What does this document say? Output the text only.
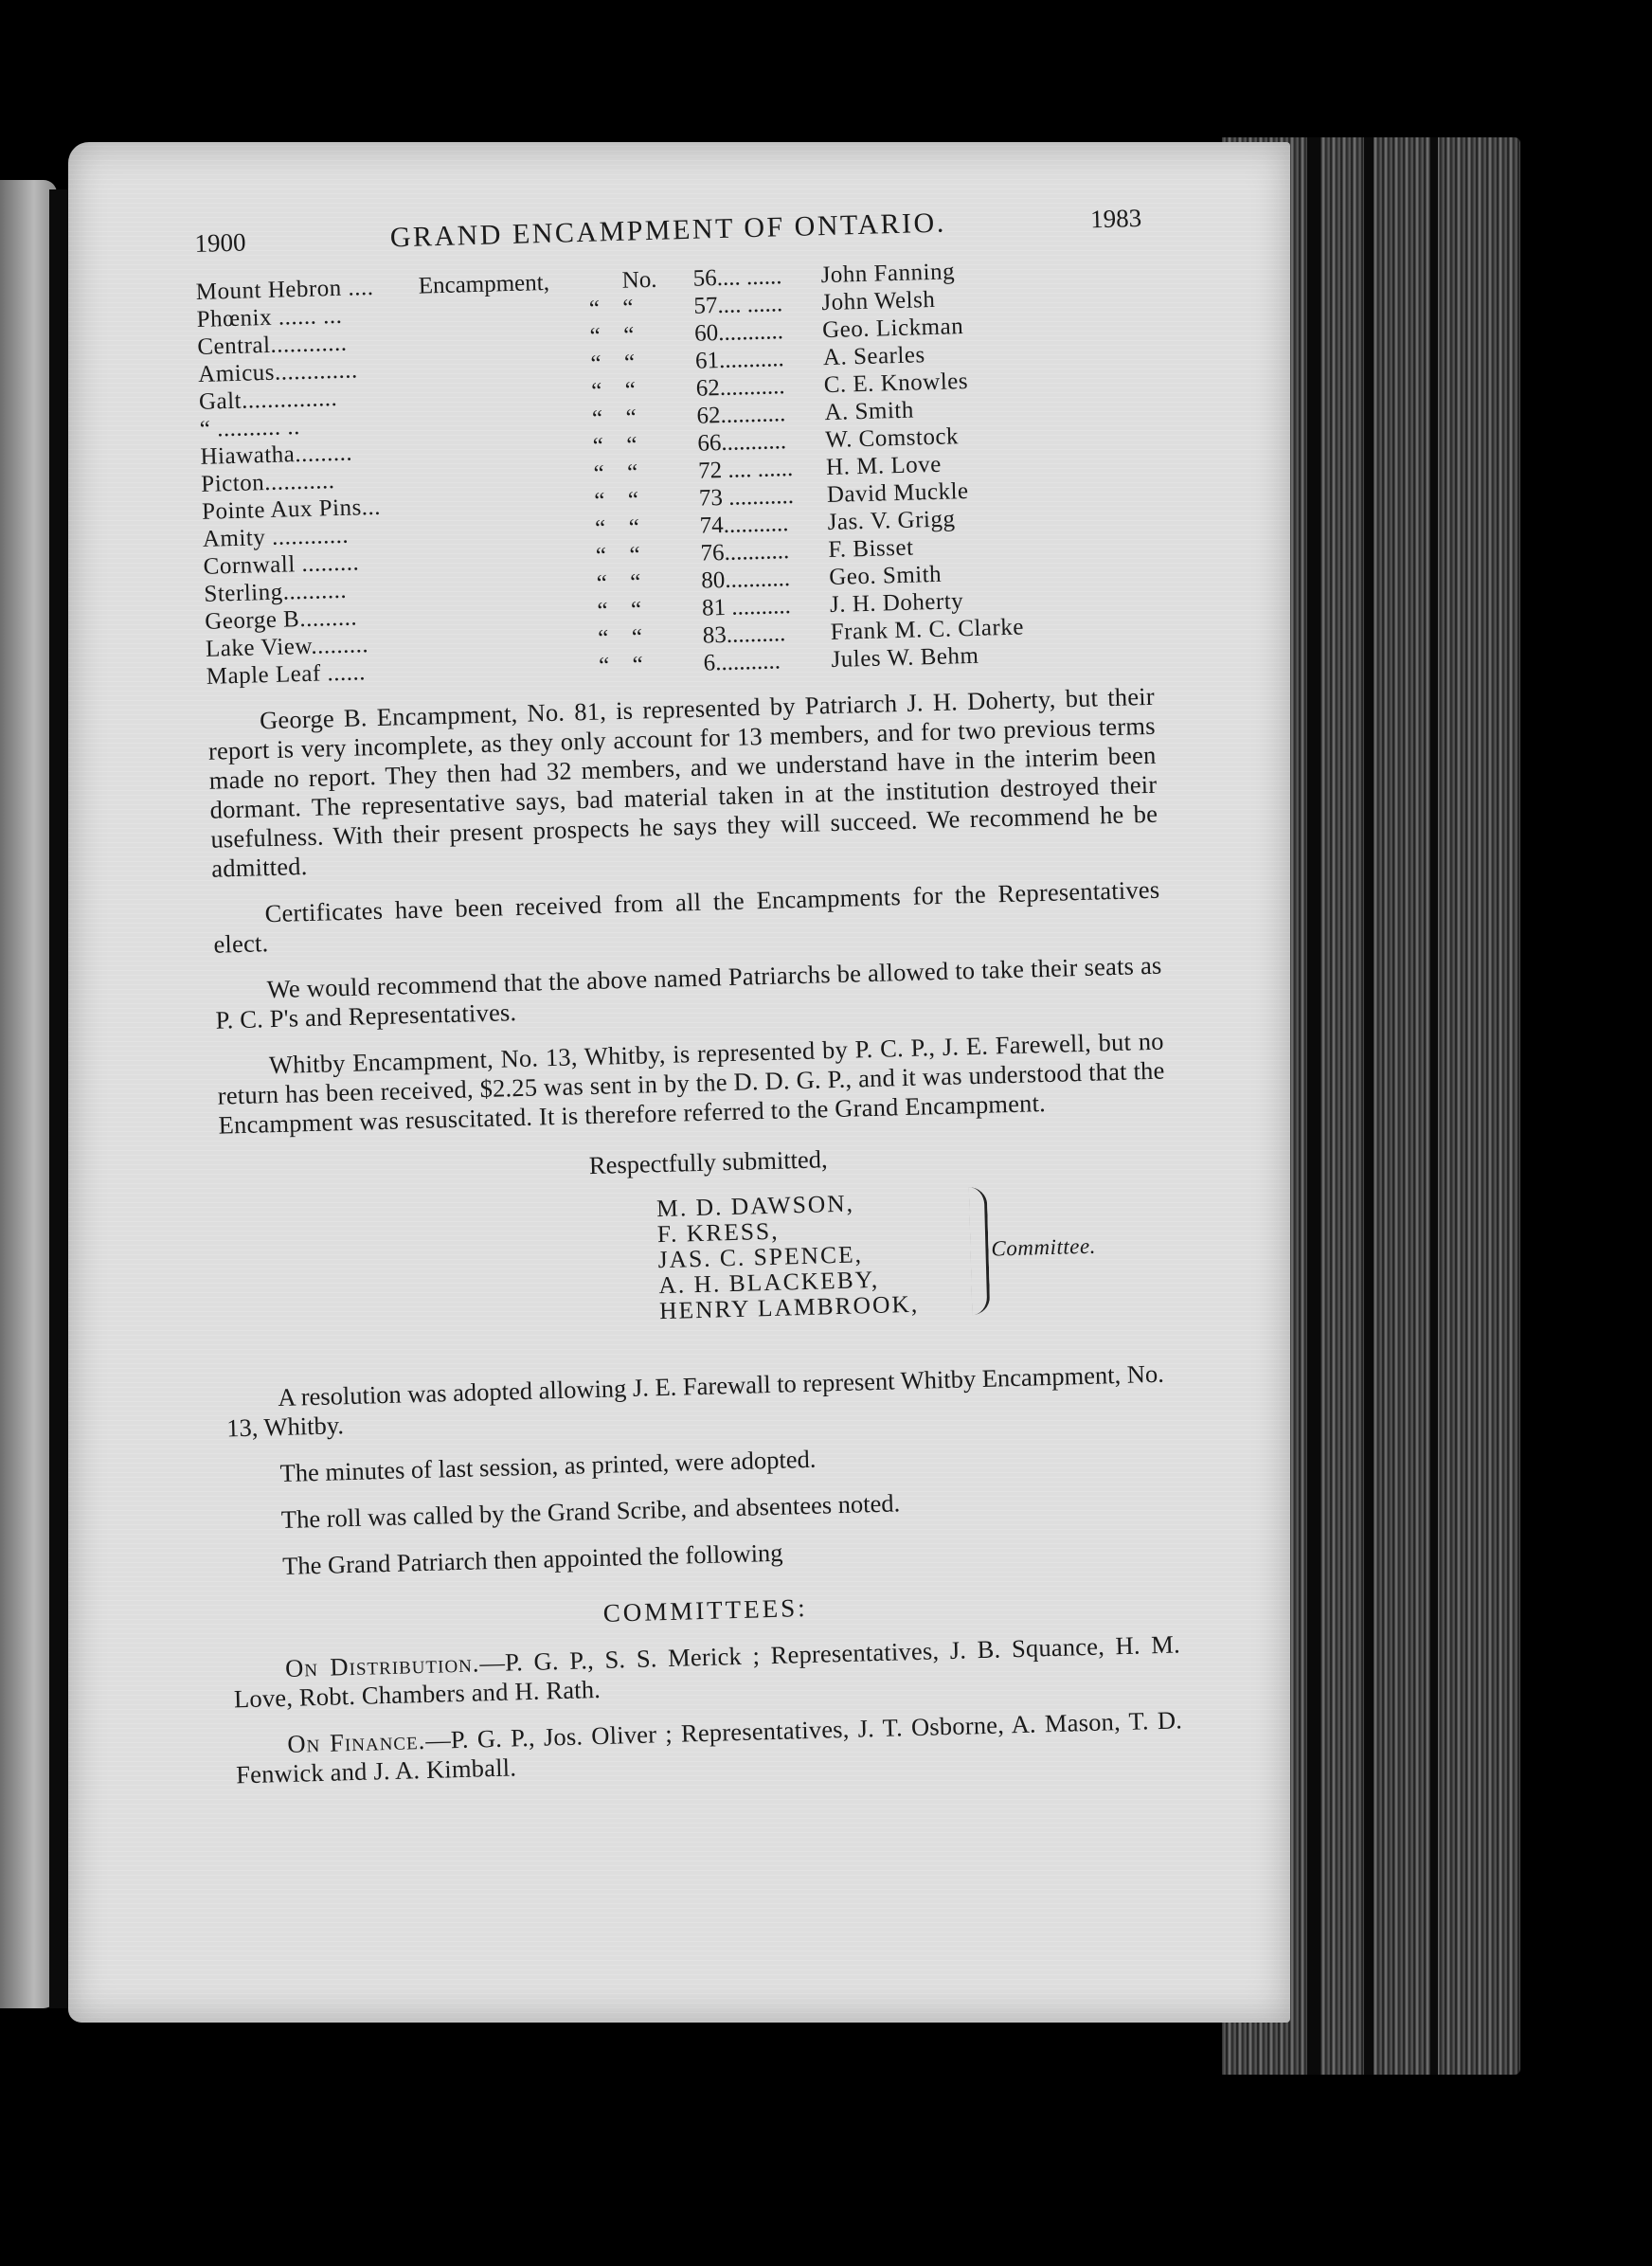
1900	GRAND ENCAMPMENT OF ONTARIO.	1983
Mount Hebron ....	Encampment,		No.	56.... ......	John Fanning
Phœnix ...... ...		“	“	57.... ......	John Welsh
Central............		“	“	60...........	Geo. Lickman
Amicus.............		“	“	61...........	A. Searles
Galt...............		“	“	62...........	C. E. Knowles
“ .......... ..		“	“	62...........	A. Smith
Hiawatha.........		“	“	66...........	W. Comstock
Picton...........		“	“	72 .... ......	H. M. Love
Pointe Aux Pins...		“	“	73 ...........	David Muckle
Amity ............		“	“	74...........	Jas. V. Grigg
Cornwall .........		“	“	76...........	F. Bisset
Sterling..........		“	“	80...........	Geo. Smith
George B.........		“	“	81 ..........	J. H. Doherty
Lake View.........		“	“	83..........	Frank M. C. Clarke
Maple Leaf ......		“	“	6...........	Jules W. Behm

George B. Encampment, No. 81, is represented by Patriarch J. H. Doherty, but their report is very incomplete, as they only account for 13 members, and for two previous terms made no report. They then had 32 members, and we understand have in the interim been dormant. The representative says, bad material taken in at the institution destroyed their usefulness. With their present prospects he says they will succeed. We recommend he be admitted.

Certificates have been received from all the Encampments for the Representatives elect.

We would recommend that the above named Patriarchs be allowed to take their seats as P. C. P's and Representatives.

Whitby Encampment, No. 13, Whitby, is represented by P. C. P., J. E. Farewell, but no return has been received, $2.25 was sent in by the D. D. G. P., and it was understood that the Encampment was resuscitated. It is therefore referred to the Grand Encampment.

Respectfully submitted,
M. D. DAWSON,
F. KRESS,
JAS. C. SPENCE,
A. H. BLACKEBY,
HENRY LAMBROOK,
Committee.

A resolution was adopted allowing J. E. Farewall to represent Whitby Encampment, No. 13, Whitby.

The minutes of last session, as printed, were adopted.

The roll was called by the Grand Scribe, and absentees noted.

The Grand Patriarch then appointed the following

COMMITTEES:

On Distribution.—P. G. P., S. S. Merick ; Representatives, J. B. Squance, H. M. Love, Robt. Chambers and H. Rath.

On Finance.—P. G. P., Jos. Oliver ; Representatives, J. T. Osborne, A. Mason, T. D. Fenwick and J. A. Kimball.
